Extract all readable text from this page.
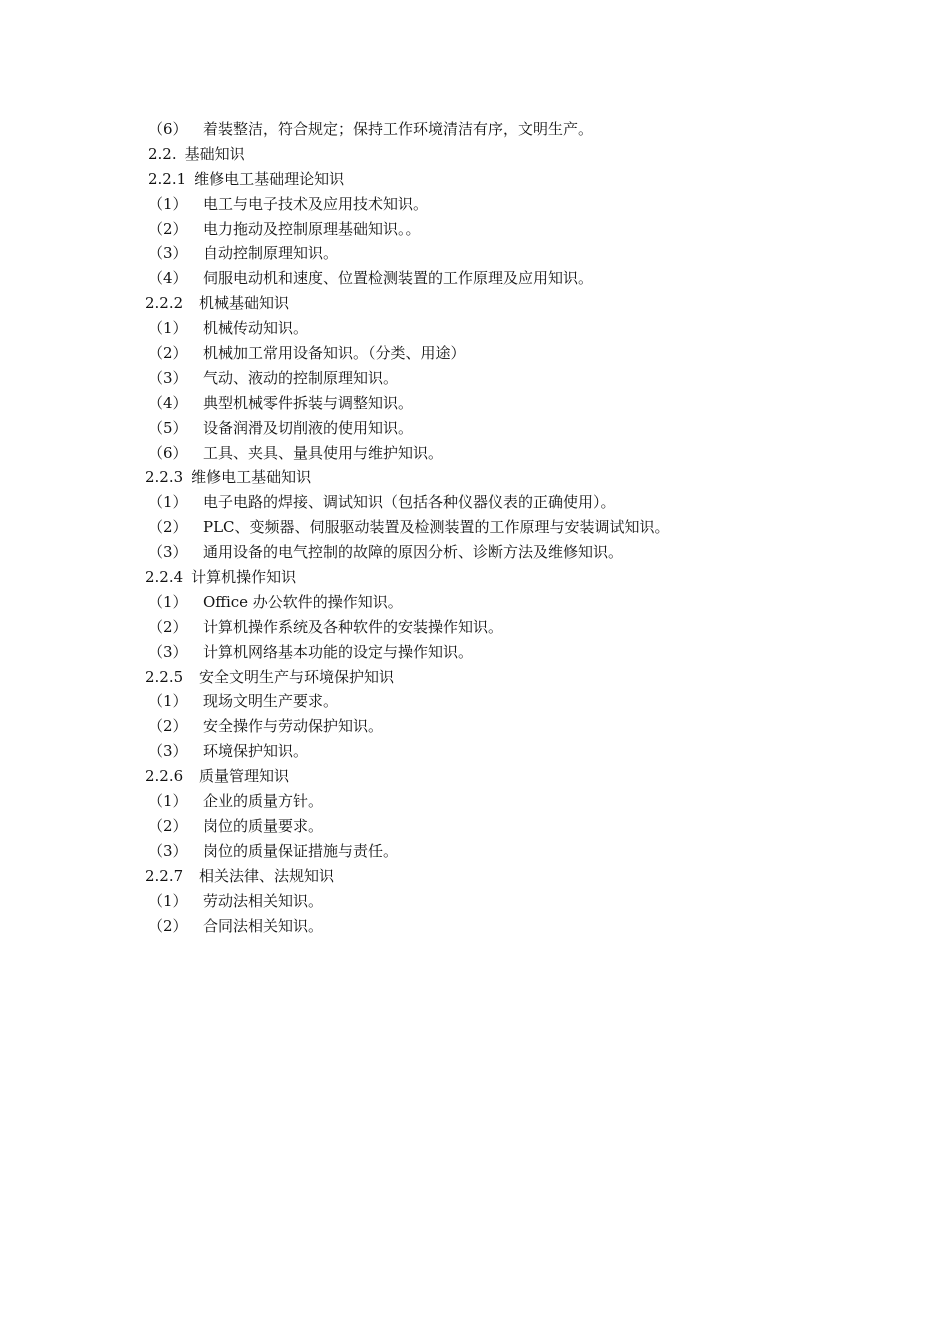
（6） 着装整洁，符合规定；保持工作环境清洁有序，文明生产。
2.2. 基础知识
2.2.1 维修电工基础理论知识
（1） 电工与电子技术及应用技术知识。
（2） 电力拖动及控制原理基础知识。。
（3） 自动控制原理知识。
（4） 伺服电动机和速度、位置检测装置的工作原理及应用知识。
2.2.2 机械基础知识
（1） 机械传动知识。
（2） 机械加工常用设备知识。（分类、用途）
（3） 气动、液动的控制原理知识。
（4） 典型机械零件拆装与调整知识。
（5） 设备润滑及切削液的使用知识。
（6） 工具、夹具、量具使用与维护知识。
2.2.3 维修电工基础知识
（1） 电子电路的焊接、调试知识（包括各种仪器仪表的正确使用）。
（2） PLC、变频器、伺服驱动装置及检测装置的工作原理与安装调试知识。
（3） 通用设备的电气控制的故障的原因分析、诊断方法及维修知识。
2.2.4 计算机操作知识
（1） Office 办公软件的操作知识。
（2） 计算机操作系统及各种软件的安装操作知识。
（3） 计算机网络基本功能的设定与操作知识。
2.2.5 安全文明生产与环境保护知识
（1） 现场文明生产要求。
（2） 安全操作与劳动保护知识。
（3） 环境保护知识。
2.2.6 质量管理知识
（1） 企业的质量方针。
（2） 岗位的质量要求。
（3） 岗位的质量保证措施与责任。
2.2.7 相关法律、法规知识
（1） 劳动法相关知识。
（2） 合同法相关知识。
